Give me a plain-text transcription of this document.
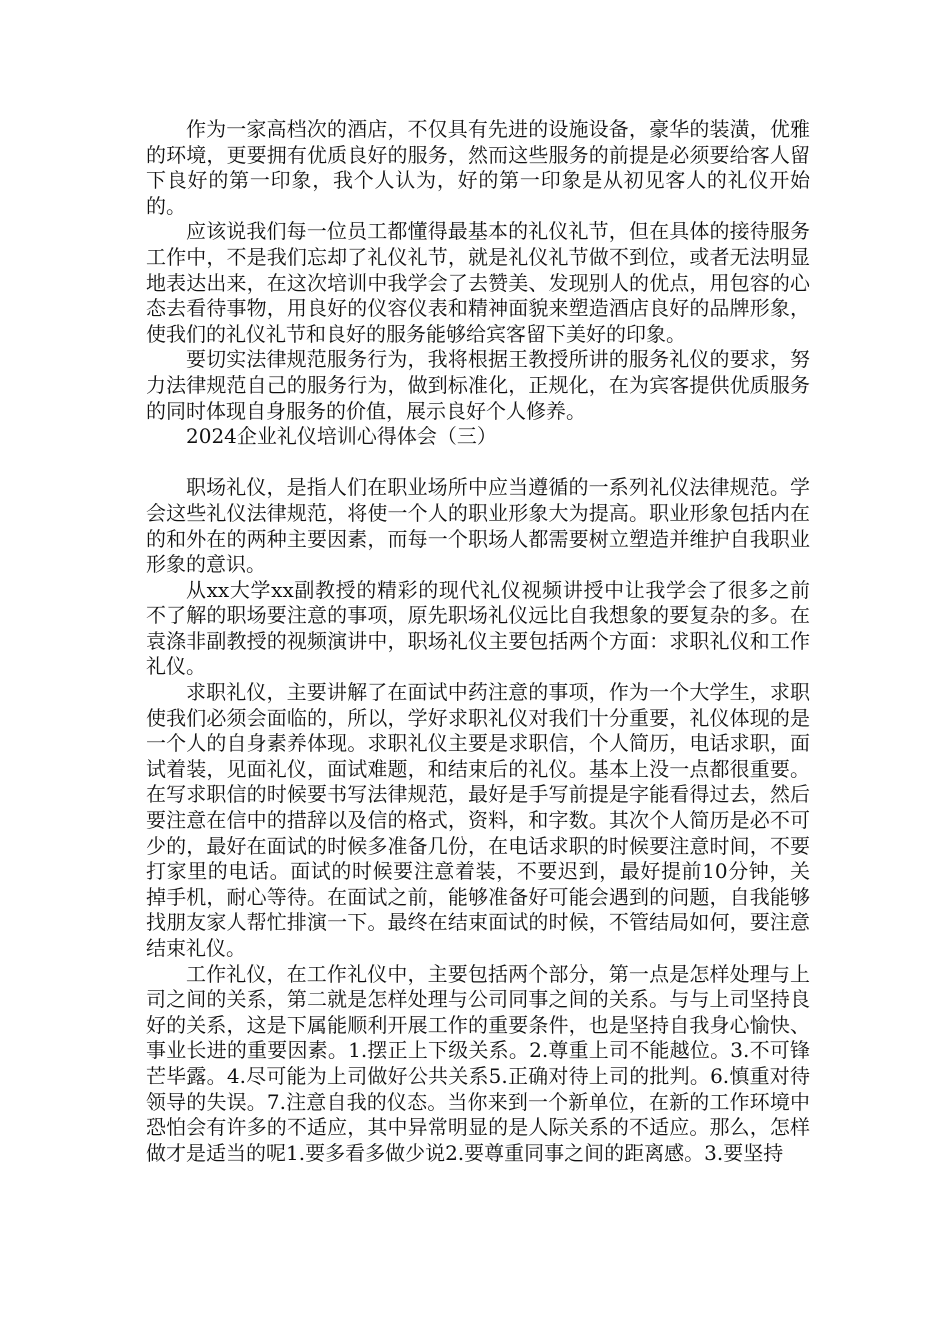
作为一家高档次的酒店，不仅具有先进的设施设备，豪华的装潢，优雅的环境，更要拥有优质良好的服务，然而这些服务的前提是必须要给客人留下良好的第一印象，我个人认为，好的第一印象是从初见客人的礼仪开始的。

应该说我们每一位员工都懂得最基本的礼仪礼节，但在具体的接待服务工作中，不是我们忘却了礼仪礼节，就是礼仪礼节做不到位，或者无法明显地表达出来，在这次培训中我学会了去赞美、发现别人的优点，用包容的心态去看待事物，用良好的仪容仪表和精神面貌来塑造酒店良好的品牌形象，使我们的礼仪礼节和良好的服务能够给宾客留下美好的印象。

要切实法律规范服务行为，我将根据王教授所讲的服务礼仪的要求，努力法律规范自己的服务行为，做到标准化，正规化，在为宾客提供优质服务的同时体现自身服务的价值，展示良好个人修养。

2024企业礼仪培训心得体会（三）

职场礼仪，是指人们在职业场所中应当遵循的一系列礼仪法律规范。学会这些礼仪法律规范，将使一个人的职业形象大为提高。职业形象包括内在的和外在的两种主要因素，而每一个职场人都需要树立塑造并维护自我职业形象的意识。

从xx大学xx副教授的精彩的现代礼仪视频讲授中让我学会了很多之前不了解的职场要注意的事项，原先职场礼仪远比自我想象的要复杂的多。在袁涤非副教授的视频演讲中，职场礼仪主要包括两个方面：求职礼仪和工作礼仪。

求职礼仪，主要讲解了在面试中药注意的事项，作为一个大学生，求职使我们必须会面临的，所以，学好求职礼仪对我们十分重要，礼仪体现的是一个人的自身素养体现。求职礼仪主要是求职信，个人简历，电话求职，面试着装，见面礼仪，面试难题，和结束后的礼仪。基本上没一点都很重要。在写求职信的时候要书写法律规范，最好是手写前提是字能看得过去，然后要注意在信中的措辞以及信的格式，资料，和字数。其次个人简历是必不可少的，最好在面试的时候多准备几份，在电话求职的时候要注意时间，不要打家里的电话。面试的时候要注意着装，不要迟到，最好提前10分钟，关掉手机，耐心等待。在面试之前，能够准备好可能会遇到的问题，自我能够找朋友家人帮忙排演一下。最终在结束面试的时候，不管结局如何，要注意结束礼仪。

工作礼仪，在工作礼仪中，主要包括两个部分，第一点是怎样处理与上司之间的关系，第二就是怎样处理与公司同事之间的关系。与与上司坚持良好的关系，这是下属能顺利开展工作的重要条件，也是坚持自我身心愉快、事业长进的重要因素。1.摆正上下级关系。2.尊重上司不能越位。3.不可锋芒毕露。4.尽可能为上司做好公共关系5.正确对待上司的批判。6.慎重对待领导的失误。7.注意自我的仪态。当你来到一个新单位，在新的工作环境中恐怕会有许多的不适应，其中异常明显的是人际关系的不适应。那么，怎样做才是适当的呢1.要多看多做少说2.要尊重同事之间的距离感。3.要坚持
